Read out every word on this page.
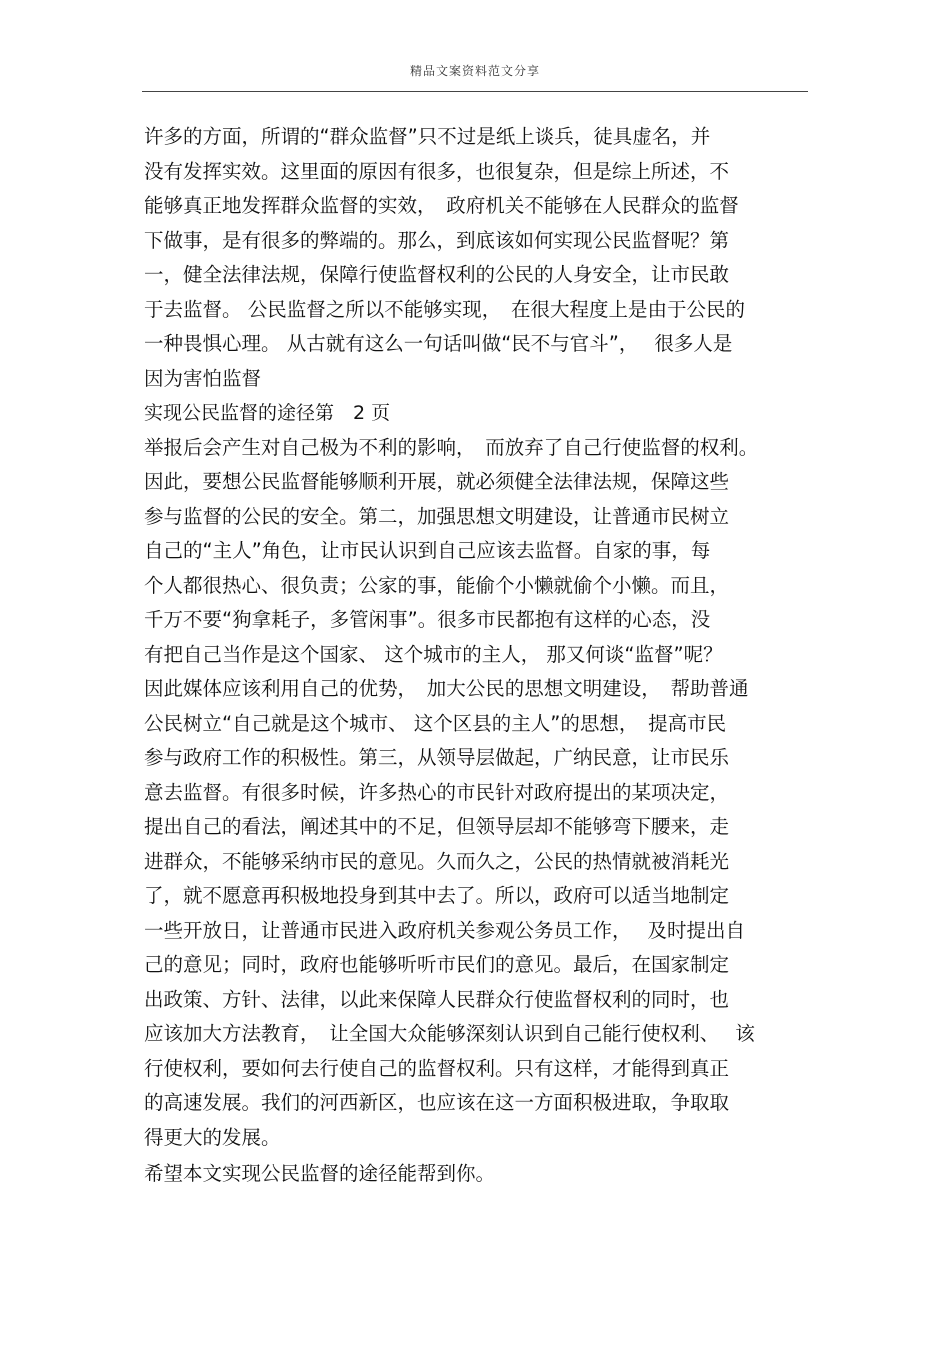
精品文案资料范文分享
许多的方面，所谓的“群众监督”只不过是纸上谈兵，徒具虚名，并
没有发挥实效。这里面的原因有很多，也很复杂，但是综上所述，不
能够真正地发挥群众监督的实效，　政府机关不能够在人民群众的监督
下做事，是有很多的弊端的。那么，到底该如何实现公民监督呢？第
一，健全法律法规，保障行使监督权利的公民的人身安全，让市民敢
于去监督。 公民监督之所以不能够实现，　在很大程度上是由于公民的
一种畏惧心理。 从古就有这么一句话叫做“民不与官斗”，　 很多人是
因为害怕监督
实现公民监督的途径第　2 页
举报后会产生对自己极为不利的影响，　而放弃了自己行使监督的权利。
因此，要想公民监督能够顺利开展，就必须健全法律法规，保障这些
参与监督的公民的安全。第二，加强思想文明建设，让普通市民树立
自己的“主人”角色，让市民认识到自己应该去监督。自家的事，每
个人都很热心、很负责；公家的事，能偷个小懒就偷个小懒。而且，
千万不要“狗拿耗子，多管闲事”。很多市民都抱有这样的心态，没
有把自己当作是这个国家、 这个城市的主人， 那又何谈“监督”呢？
因此媒体应该利用自己的优势，　加大公民的思想文明建设，　帮助普通
公民树立“自己就是这个城市、 这个区县的主人”的思想，　提高市民
参与政府工作的积极性。第三，从领导层做起，广纳民意，让市民乐
意去监督。有很多时候，许多热心的市民针对政府提出的某项决定，
提出自己的看法，阐述其中的不足，但领导层却不能够弯下腰来，走
进群众，不能够采纳市民的意见。久而久之，公民的热情就被消耗光
了，就不愿意再积极地投身到其中去了。所以，政府可以适当地制定
一些开放日，让普通市民进入政府机关参观公务员工作，　 及时提出自
己的意见；同时，政府也能够听听市民们的意见。最后，在国家制定
出政策、方针、法律，以此来保障人民群众行使监督权利的同时，也
应该加大方法教育，　让全国大众能够深刻认识到自己能行使权利、　 该
行使权利，要如何去行使自己的监督权利。只有这样，才能得到真正
的高速发展。我们的河西新区，也应该在这一方面积极进取，争取取
得更大的发展。
希望本文实现公民监督的途径能帮到你。
